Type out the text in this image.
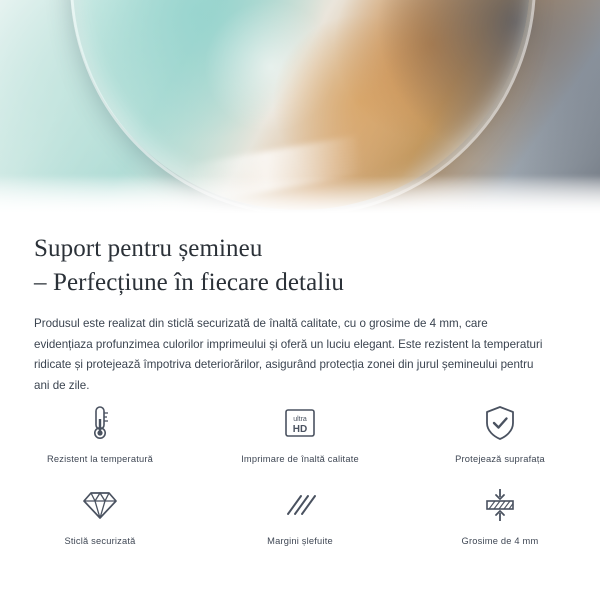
Suport pentru șemineu
– Perfecțiune în fiecare detaliu

Produsul este realizat din sticlă securizată de înaltă calitate, cu o grosime de 4 mm, care evidențiaza profunzimea culorilor imprimeului și oferă un luciu elegant. Este rezistent la temperaturi ridicate și protejează împotriva deteriorărilor, asigurând protecția zonei din jurul șemineului pentru ani de zile.

Rezistent la temperatură
ultra
HD
Imprimare de înaltă calitate	Protejează suprafața
Sticlă securizată	Margini șlefuite	Grosime de 4 mm
